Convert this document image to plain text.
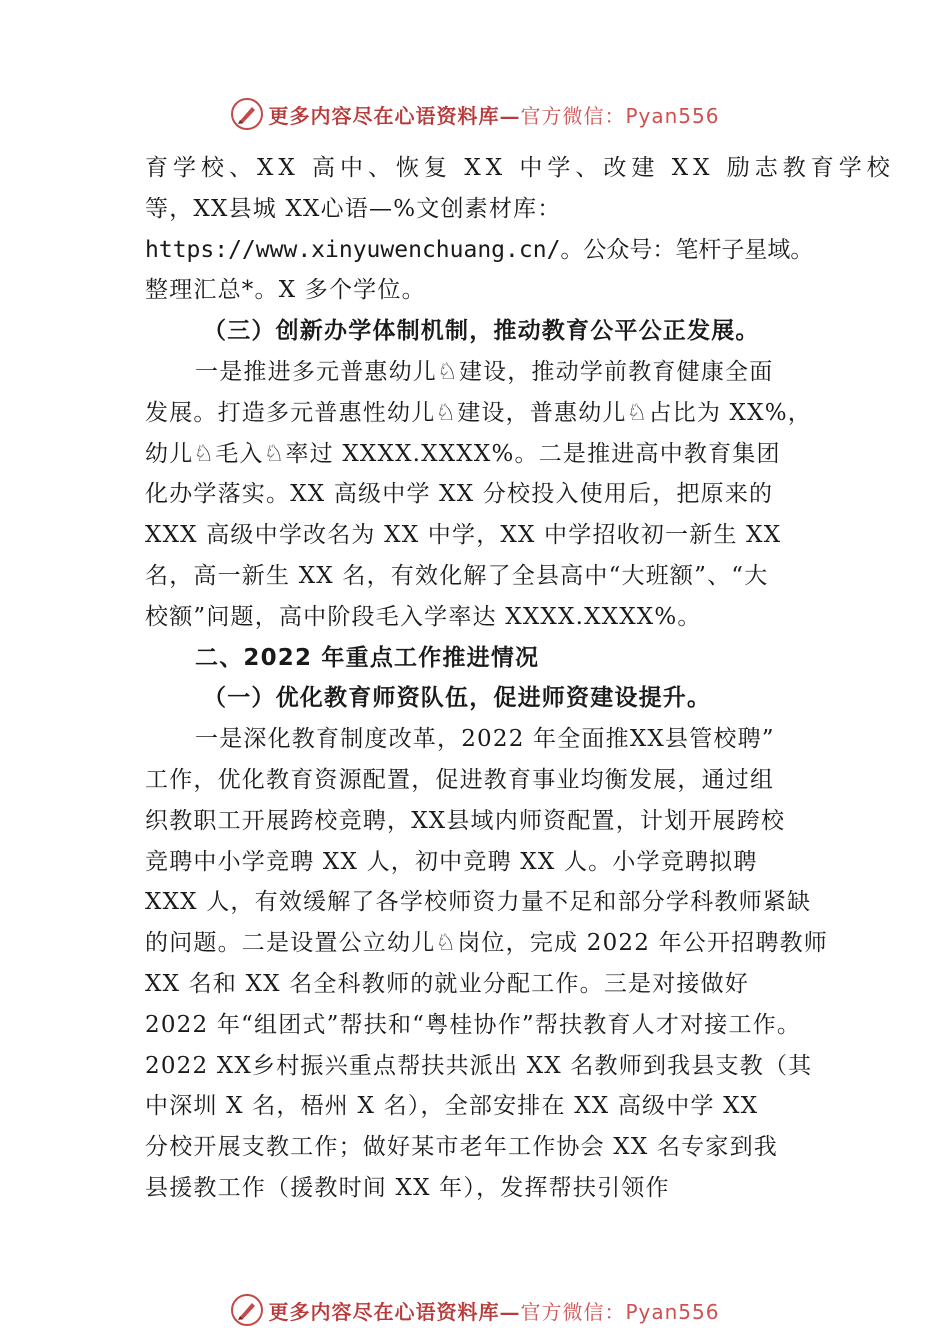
更多内容尽在心语资料库—官方微信：Pyan556
育学校、XX 高中、恢复 XX 中学、改建 XX 励志教育学校
等，XX县城 XX心语—%文创素材库：
https://www.xinyuwenchuang.cn/。公众号：笔杆子星域。
整理汇总*。X 多个学位。
（三）创新办学体制机制，推动教育公平公正发展。
一是推进多元普惠幼儿♘建设，推动学前教育健康全面
发展。打造多元普惠性幼儿♘建设，普惠幼儿♘占比为 XX%，
幼儿♘毛入♘率过 XXXX.XXXX%。二是推进高中教育集团
化办学落实。XX 高级中学 XX 分校投入使用后，把原来的
XXX 高级中学改名为 XX 中学，XX 中学招收初一新生 XX
名，高一新生 XX 名，有效化解了全县高中“大班额”、“大
校额”问题，高中阶段毛入学率达 XXXX.XXXX%。
二、2022 年重点工作推进情况
（一）优化教育师资队伍，促进师资建设提升。
一是深化教育制度改革，2022 年全面推XX县管校聘”
工作，优化教育资源配置，促进教育事业均衡发展，通过组
织教职工开展跨校竞聘，XX县域内师资配置，计划开展跨校
竞聘中小学竞聘 XX 人，初中竞聘 XX 人。小学竞聘拟聘
XXX 人，有效缓解了各学校师资力量不足和部分学科教师紧缺
的问题。二是设置公立幼儿♘岗位，完成 2022 年公开招聘教师
XX 名和 XX 名全科教师的就业分配工作。三是对接做好
2022 年“组团式”帮扶和“粤桂协作”帮扶教育人才对接工作。
2022 XX乡村振兴重点帮扶共派出 XX 名教师到我县支教（其
中深圳 X 名，梧州 X 名），全部安排在 XX 高级中学 XX
分校开展支教工作；做好某市老年工作协会 XX 名专家到我
县援教工作（援教时间 XX 年），发挥帮扶引领作
更多内容尽在心语资料库—官方微信：Pyan556
